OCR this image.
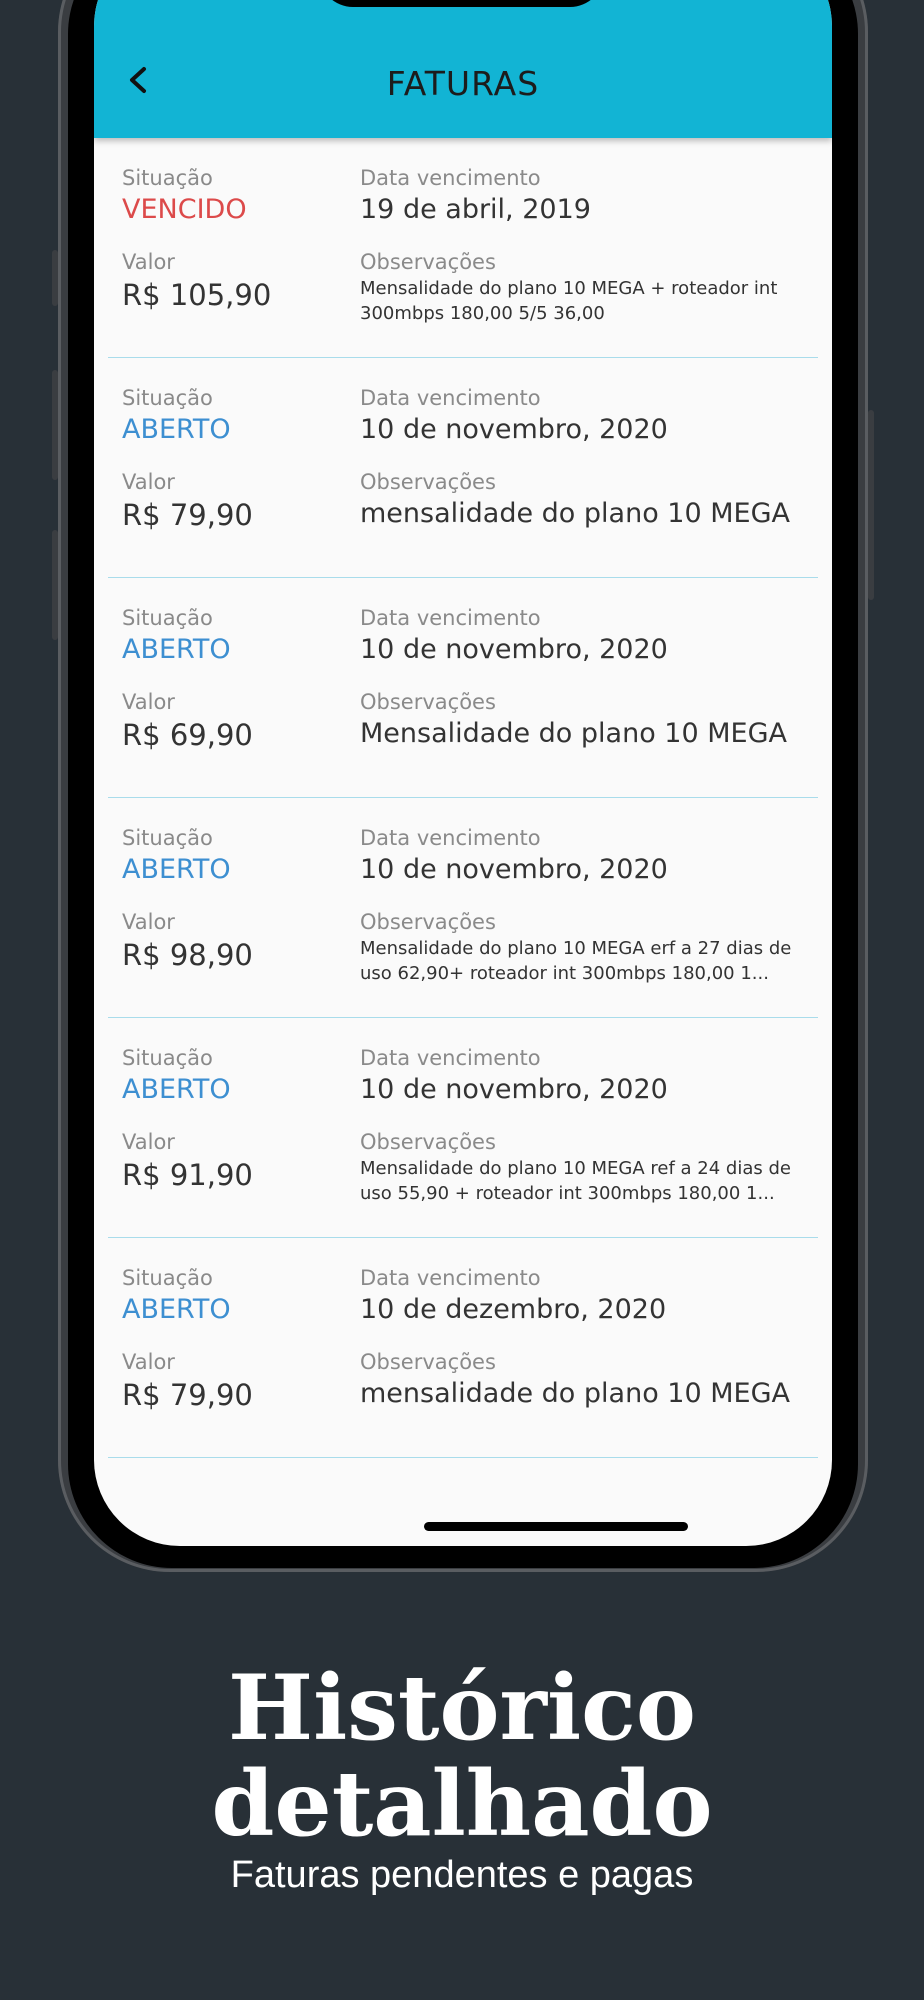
FATURAS
Situação
VENCIDO
Data vencimento
19 de abril, 2019
Valor
R$ 105,90
Observações
Mensalidade do plano 10 MEGA + roteador int 300mbps 180,00 5/5 36,00
Situação
ABERTO
Data vencimento
10 de novembro, 2020
Valor
R$ 79,90
Observações
mensalidade do plano 10 MEGA
Situação
ABERTO
Data vencimento
10 de novembro, 2020
Valor
R$ 69,90
Observações
Mensalidade do plano 10 MEGA
Situação
ABERTO
Data vencimento
10 de novembro, 2020
Valor
R$ 98,90
Observações
Mensalidade do plano 10 MEGA erf a 27 dias de uso 62,90+ roteador int 300mbps 180,00 1...
Situação
ABERTO
Data vencimento
10 de novembro, 2020
Valor
R$ 91,90
Observações
Mensalidade do plano 10 MEGA ref a 24 dias de uso 55,90 + roteador int 300mbps 180,00 1...
Situação
ABERTO
Data vencimento
10 de dezembro, 2020
Valor
R$ 79,90
Observações
mensalidade do plano 10 MEGA
Histórico
detalhado
Faturas pendentes e pagas
